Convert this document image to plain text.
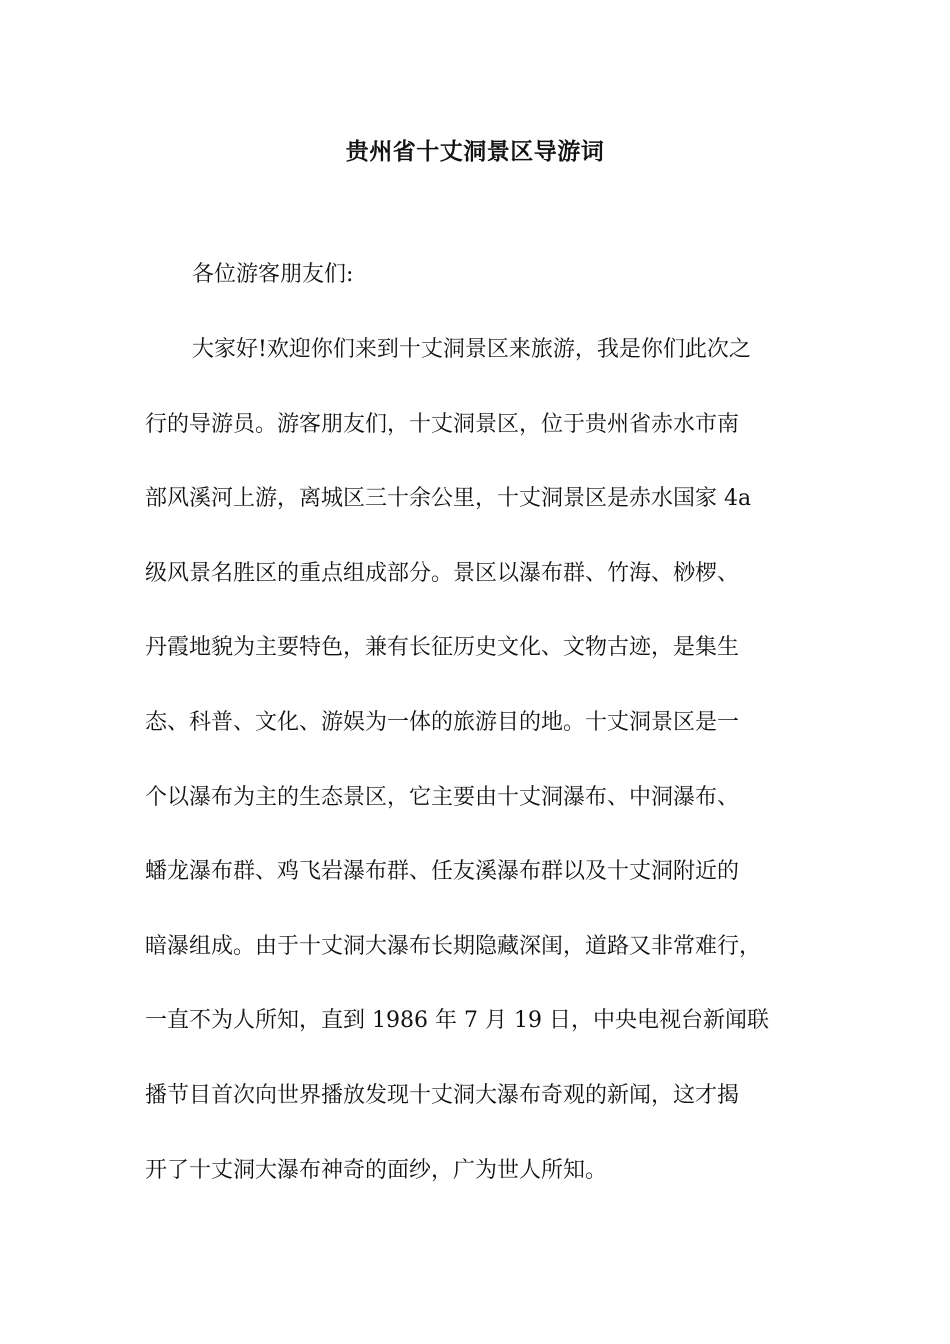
贵州省十丈洞景区导游词

各位游客朋友们:

大家好!欢迎你们来到十丈洞景区来旅游，我是你们此次之
行的导游员。游客朋友们，十丈洞景区，位于贵州省赤水市南
部风溪河上游，离城区三十余公里，十丈洞景区是赤水国家 4a
级风景名胜区的重点组成部分。景区以瀑布群、竹海、桫椤、
丹霞地貌为主要特色，兼有长征历史文化、文物古迹，是集生
态、科普、文化、游娱为一体的旅游目的地。十丈洞景区是一
个以瀑布为主的生态景区，它主要由十丈洞瀑布、中洞瀑布、
蟠龙瀑布群、鸡飞岩瀑布群、任友溪瀑布群以及十丈洞附近的
暗瀑组成。由于十丈洞大瀑布长期隐藏深闺，道路又非常难行，
一直不为人所知，直到 1986 年 7 月 19 日，中央电视台新闻联
播节目首次向世界播放发现十丈洞大瀑布奇观的新闻，这才揭
开了十丈洞大瀑布神奇的面纱，广为世人所知。
